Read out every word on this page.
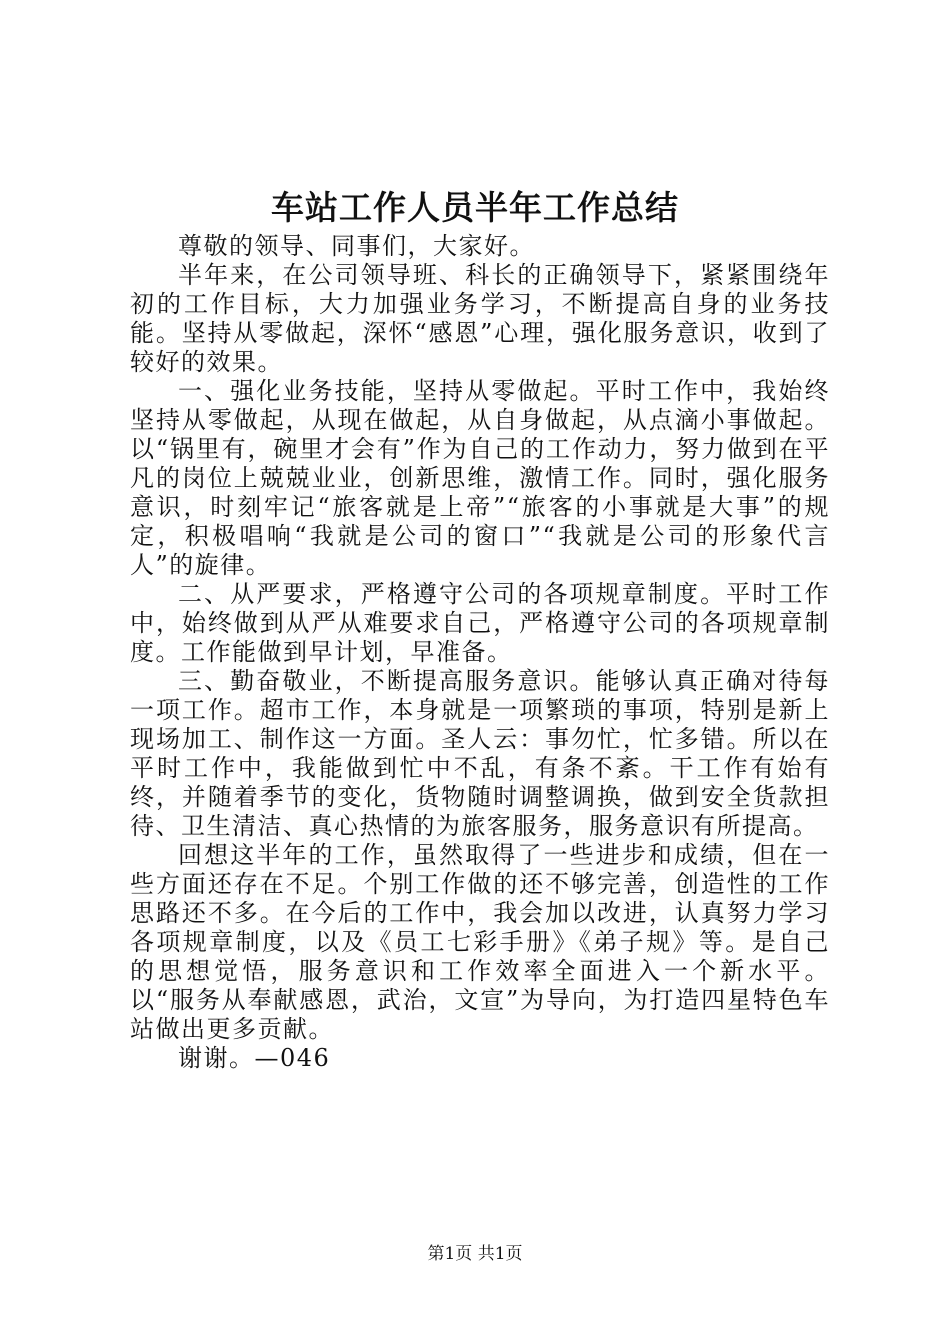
车站工作人员半年工作总结

尊敬的领导、同事们，大家好。

半年来，在公司领导班、科长的正确领导下，紧紧围绕年初的工作目标，大力加强业务学习，不断提高自身的业务技能。坚持从零做起，深怀“感恩”心理，强化服务意识，收到了较好的效果。

一、强化业务技能，坚持从零做起。平时工作中，我始终坚持从零做起，从现在做起，从自身做起，从点滴小事做起。以“锅里有，碗里才会有”作为自己的工作动力，努力做到在平凡的岗位上兢兢业业，创新思维，激情工作。同时，强化服务意识，时刻牢记“旅客就是上帝”“旅客的小事就是大事”的规定，积极唱响“我就是公司的窗口”“我就是公司的形象代言人”的旋律。

二、从严要求，严格遵守公司的各项规章制度。平时工作中，始终做到从严从难要求自己，严格遵守公司的各项规章制度。工作能做到早计划，早准备。

三、勤奋敬业，不断提高服务意识。能够认真正确对待每一项工作。超市工作，本身就是一项繁琐的事项，特别是新上现场加工、制作这一方面。圣人云：事勿忙，忙多错。所以在平时工作中，我能做到忙中不乱，有条不紊。干工作有始有终，并随着季节的变化，货物随时调整调换，做到安全货款担待、卫生清洁、真心热情的为旅客服务，服务意识有所提高。

回想这半年的工作，虽然取得了一些进步和成绩，但在一些方面还存在不足。个别工作做的还不够完善，创造性的工作思路还不多。在今后的工作中，我会加以改进，认真努力学习各项规章制度，以及《员工七彩手册》《弟子规》等。是自己的思想觉悟，服务意识和工作效率全面进入一个新水平。以“服务从奉献感恩，武治，文宣”为导向，为打造四星特色车站做出更多贡献。

谢谢。—046

第1页 共1页
